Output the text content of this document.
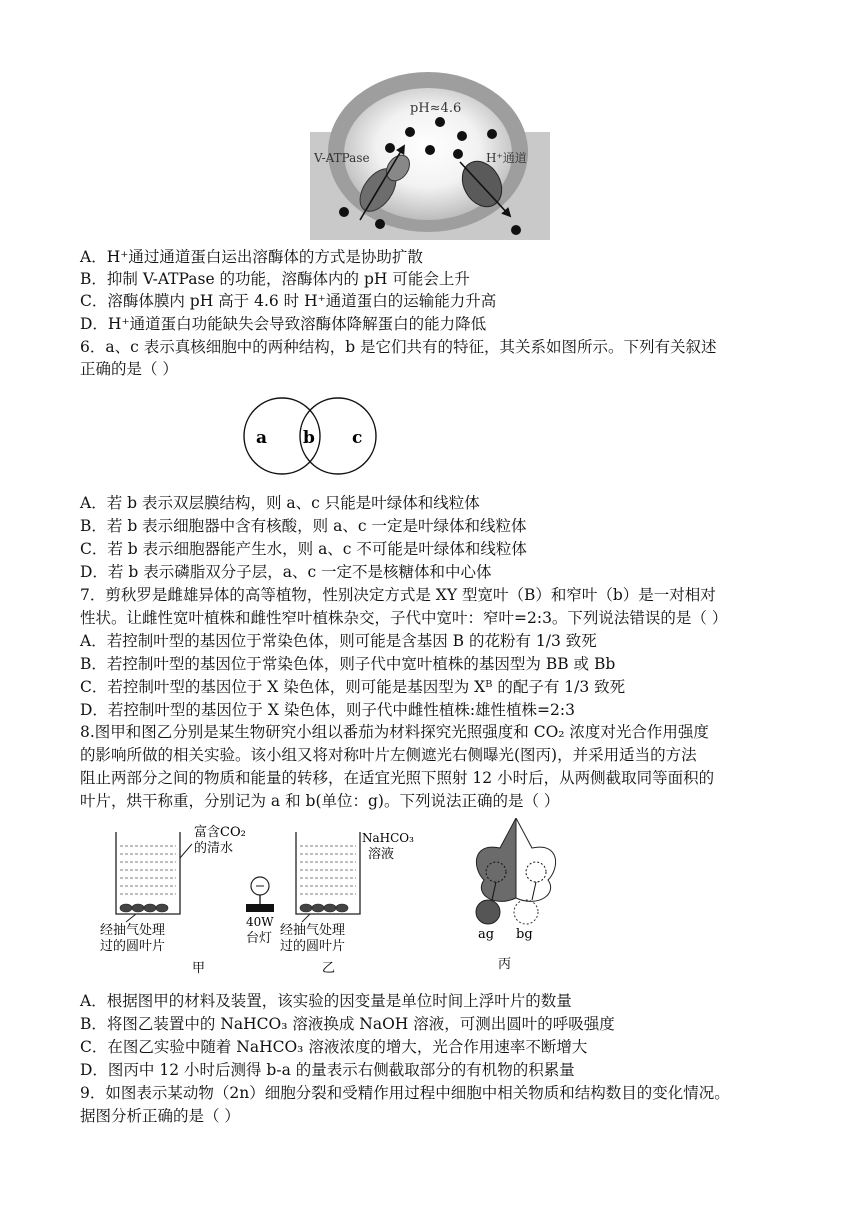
pH≈4.6
V-ATPase	H⁺通道
A．H⁺通过通道蛋白运出溶酶体的方式是协助扩散
B．抑制 V-ATPase 的功能，溶酶体内的 pH 可能会上升
C．溶酶体膜内 pH 高于 4.6 时 H⁺通道蛋白的运输能力升高
D．H⁺通道蛋白功能缺失会导致溶酶体降解蛋白的能力降低
6．a、c 表示真核细胞中的两种结构，b 是它们共有的特征，其关系如图所示。下列有关叙述
正确的是（ ）
a b c
A．若 b 表示双层膜结构，则 a、c 只能是叶绿体和线粒体
B．若 b 表示细胞器中含有核酸，则 a、c 一定是叶绿体和线粒体
C．若 b 表示细胞器能产生水，则 a、c 不可能是叶绿体和线粒体
D．若 b 表示磷脂双分子层，a、c 一定不是核糖体和中心体
7．剪秋罗是雌雄异体的高等植物，性别决定方式是 XY 型宽叶（B）和窄叶（b）是一对相对
性状。让雌性宽叶植株和雌性窄叶植株杂交，子代中宽叶：窄叶=2:3。下列说法错误的是（ ）
A．若控制叶型的基因位于常染色体，则可能是含基因 B 的花粉有 1/3 致死
B．若控制叶型的基因位于常染色体，则子代中宽叶植株的基因型为 BB 或 Bb
C．若控制叶型的基因位于 X 染色体，则可能是基因型为 Xᴮ 的配子有 1/3 致死
D．若控制叶型的基因位于 X 染色体，则子代中雌性植株:雄性植株=2:3
8.图甲和图乙分别是某生物研究小组以番茄为材料探究光照强度和 CO₂ 浓度对光合作用强度
的影响所做的相关实验。该小组又将对称叶片左侧遮光右侧曝光(图丙)，并采用适当的方法
阻止两部分之间的物质和能量的转移，在适宜光照下照射 12 小时后，从两侧截取同等面积的
叶片，烘干称重，分别记为 a 和 b(单位：g)。下列说法正确的是（ ）
富含CO₂
的清水
经抽气处理
过的圆叶片
甲
40W
台灯
NaHCO₃
溶液
经抽气处理
过的圆叶片
乙
ag bg
丙
A．根据图甲的材料及装置，该实验的因变量是单位时间上浮叶片的数量
B．将图乙装置中的 NaHCO₃ 溶液换成 NaOH 溶液，可测出圆叶的呼吸强度
C．在图乙实验中随着 NaHCO₃ 溶液浓度的增大，光合作用速率不断增大
D．图丙中 12 小时后测得 b-a 的量表示右侧截取部分的有机物的积累量
9．如图表示某动物（2n）细胞分裂和受精作用过程中细胞中相关物质和结构数目的变化情况。
据图分析正确的是（ ）
